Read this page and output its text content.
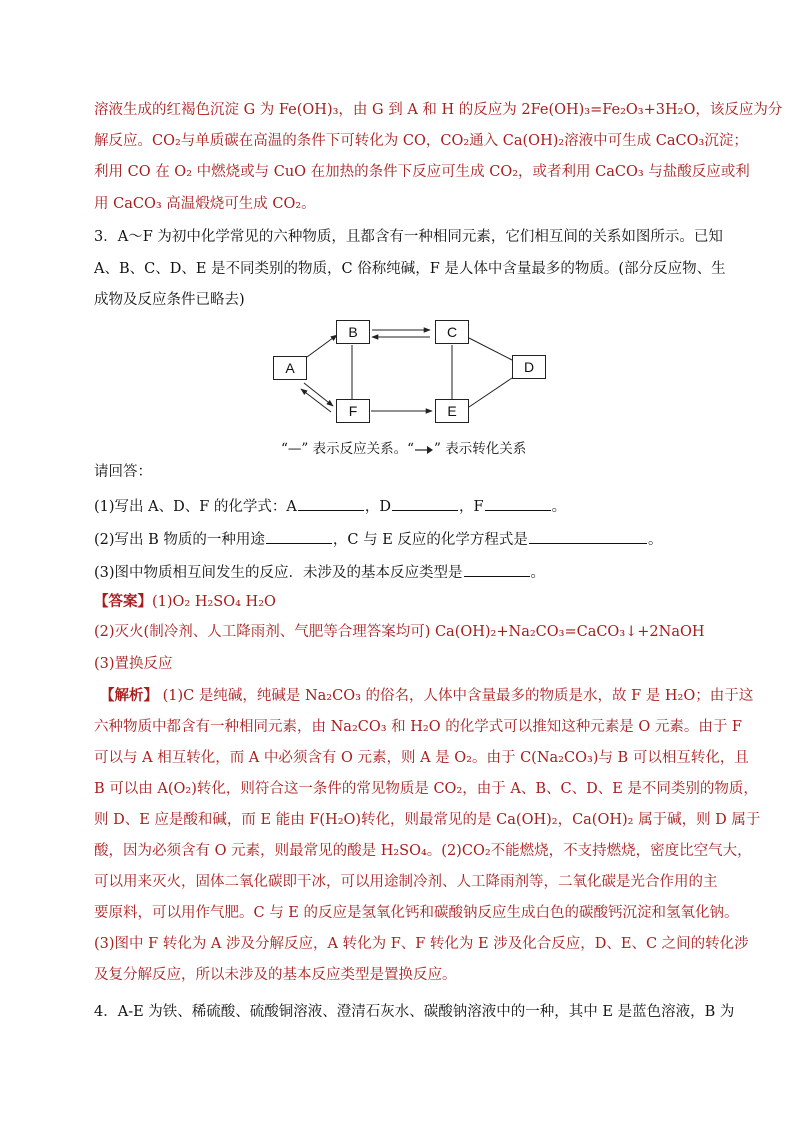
溶液生成的红褐色沉淀 G 为 Fe(OH)₃，由 G 到 A 和 H 的反应为 2Fe(OH)₃=Fe₂O₃+3H₂O，该反应为分
解反应。CO₂与单质碳在高温的条件下可转化为 CO，CO₂通入 Ca(OH)₂溶液中可生成 CaCO₃沉淀；
利用 CO 在 O₂ 中燃烧或与 CuO 在加热的条件下反应可生成 CO₂，或者利用 CaCO₃ 与盐酸反应或利
用 CaCO₃ 高温煅烧可生成 CO₂。
3．A～F 为初中化学常见的六种物质，且都含有一种相同元素，它们相互间的关系如图所示。已知
A、B、C、D、E 是不同类别的物质，C 俗称纯碱，F 是人体中含量最多的物质。(部分反应物、生
成物及反应条件已略去)
A
B	C
D
E
F
“—” 表示反应关系。“ ” 表示转化关系
请回答：
(1)写出 A、D、F 的化学式：A	，D	，F	。
(2)写出 B 物质的一种用途	，C 与 E 反应的化学方程式是	。
(3)图中物质相互间发生的反应．未涉及的基本反应类型是	。
【答案】(1)O₂ H₂SO₄ H₂O
(2)灭火(制冷剂、人工降雨剂、气肥等合理答案均可) Ca(OH)₂+Na₂CO₃=CaCO₃↓+2NaOH
(3)置换反应
【解析】 (1)C 是纯碱，纯碱是 Na₂CO₃ 的俗名，人体中含量最多的物质是水，故 F 是 H₂O；由于这
六种物质中都含有一种相同元素，由 Na₂CO₃ 和 H₂O 的化学式可以推知这种元素是 O 元素。由于 F
可以与 A 相互转化，而 A 中必须含有 O 元素，则 A 是 O₂。由于 C(Na₂CO₃)与 B 可以相互转化，且
B 可以由 A(O₂)转化，则符合这一条件的常见物质是 CO₂，由于 A、B、C、D、E 是不同类别的物质，
则 D、E 应是酸和碱，而 E 能由 F(H₂O)转化，则最常见的是 Ca(OH)₂，Ca(OH)₂ 属于碱，则 D 属于
酸，因为必须含有 O 元素，则最常见的酸是 H₂SO₄。(2)CO₂不能燃烧，不支持燃烧，密度比空气大，
可以用来灭火，固体二氧化碳即干冰，可以用途制冷剂、人工降雨剂等，二氧化碳是光合作用的主
要原料，可以用作气肥。C 与 E 的反应是氢氧化钙和碳酸钠反应生成白色的碳酸钙沉淀和氢氧化钠。
(3)图中 F 转化为 A 涉及分解反应，A 转化为 F、F 转化为 E 涉及化合反应，D、E、C 之间的转化涉
及复分解反应，所以未涉及的基本反应类型是置换反应。
4．A-E 为铁、稀硫酸、硫酸铜溶液、澄清石灰水、碳酸钠溶液中的一种，其中 E 是蓝色溶液，B 为
